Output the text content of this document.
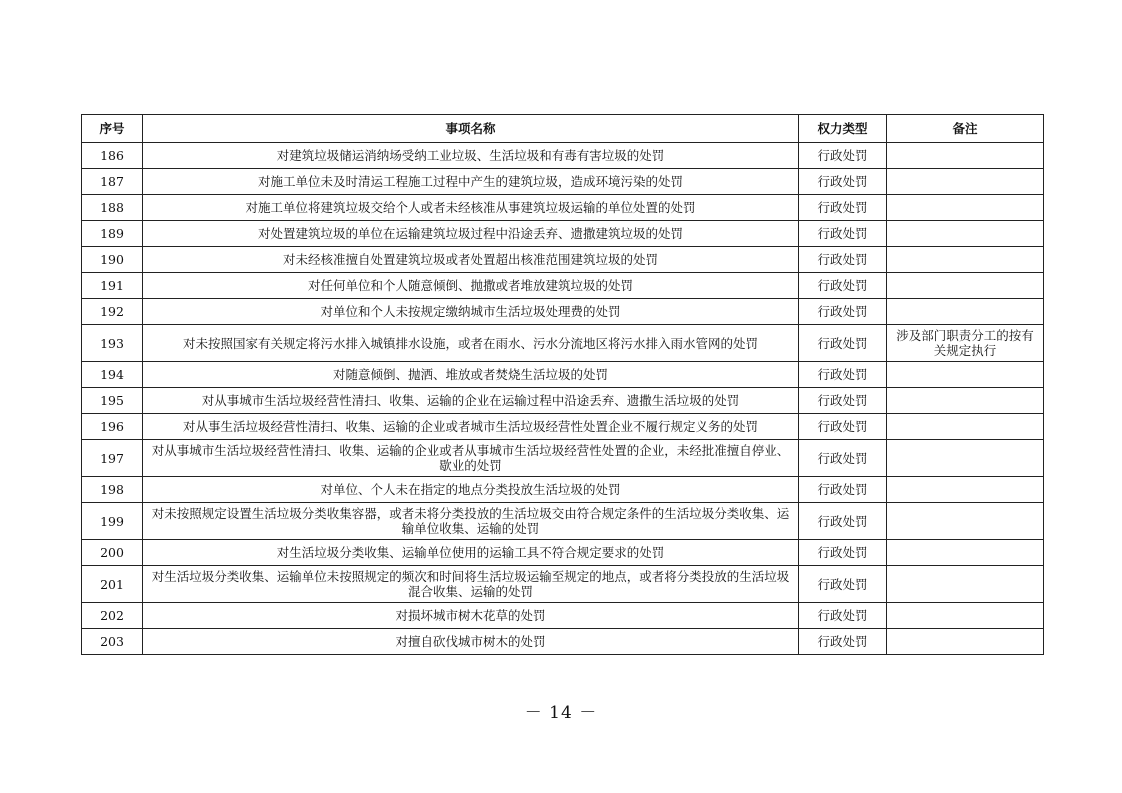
序号	事项名称	权力类型	备注
186	对建筑垃圾储运消纳场受纳工业垃圾、生活垃圾和有毒有害垃圾的处罚	行政处罚	
187	对施工单位未及时清运工程施工过程中产生的建筑垃圾，造成环境污染的处罚	行政处罚	
188	对施工单位将建筑垃圾交给个人或者未经核准从事建筑垃圾运输的单位处置的处罚	行政处罚	
189	对处置建筑垃圾的单位在运输建筑垃圾过程中沿途丢弃、遗撒建筑垃圾的处罚	行政处罚	
190	对未经核准擅自处置建筑垃圾或者处置超出核准范围建筑垃圾的处罚	行政处罚	
191	对任何单位和个人随意倾倒、抛撒或者堆放建筑垃圾的处罚	行政处罚	
192	对单位和个人未按规定缴纳城市生活垃圾处理费的处罚	行政处罚	
193	对未按照国家有关规定将污水排入城镇排水设施，或者在雨水、污水分流地区将污水排入雨水管网的处罚	行政处罚	涉及部门职责分工的按有关规定执行
194	对随意倾倒、抛洒、堆放或者焚烧生活垃圾的处罚	行政处罚	
195	对从事城市生活垃圾经营性清扫、收集、运输的企业在运输过程中沿途丢弃、遗撒生活垃圾的处罚	行政处罚	
196	对从事生活垃圾经营性清扫、收集、运输的企业或者城市生活垃圾经营性处置企业不履行规定义务的处罚	行政处罚	
197	对从事城市生活垃圾经营性清扫、收集、运输的企业或者从事城市生活垃圾经营性处置的企业，未经批准擅自停业、歇业的处罚	行政处罚	
198	对单位、个人未在指定的地点分类投放生活垃圾的处罚	行政处罚	
199	对未按照规定设置生活垃圾分类收集容器，或者未将分类投放的生活垃圾交由符合规定条件的生活垃圾分类收集、运输单位收集、运输的处罚	行政处罚	
200	对生活垃圾分类收集、运输单位使用的运输工具不符合规定要求的处罚	行政处罚	
201	对生活垃圾分类收集、运输单位未按照规定的频次和时间将生活垃圾运输至规定的地点，或者将分类投放的生活垃圾混合收集、运输的处罚	行政处罚	
202	对损坏城市树木花草的处罚	行政处罚	
203	对擅自砍伐城市树木的处罚	行政处罚	
－ 14 －
